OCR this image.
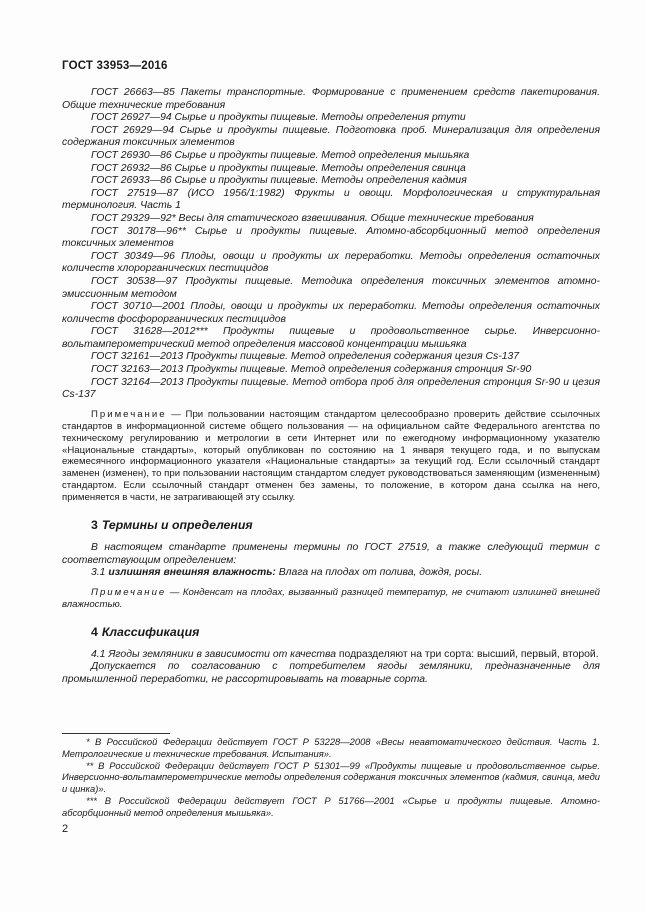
ГОСТ 33953—2016

ГОСТ 26663—85 Пакеты транспортные. Формирование с применением средств пакетирования. Общие технические требования

ГОСТ 26927—94 Сырье и продукты пищевые. Методы определения ртути

ГОСТ 26929—94 Сырье и продукты пищевые. Подготовка проб. Минерализация для определения содержания токсичных элементов

ГОСТ 26930—86 Сырье и продукты пищевые. Метод определения мышьяка

ГОСТ 26932—86 Сырье и продукты пищевые. Методы определения свинца

ГОСТ 26933—86 Сырье и продукты пищевые. Методы определения кадмия

ГОСТ 27519—87 (ИСО 1956/1:1982) Фрукты и овощи. Морфологическая и структуральная терминология. Часть 1

ГОСТ 29329—92* Весы для статического взвешивания. Общие технические требования

ГОСТ 30178—96** Сырье и продукты пищевые. Атомно-абсорбционный метод определения токсичных элементов

ГОСТ 30349—96 Плоды, овощи и продукты их переработки. Методы определения остаточных количеств хлорорганических пестицидов

ГОСТ 30538—97 Продукты пищевые. Методика определения токсичных элементов атомно-эмиссионным методом

ГОСТ 30710—2001 Плоды, овощи и продукты их переработки. Методы определения остаточных количеств фосфорорганических пестицидов

ГОСТ 31628—2012*** Продукты пищевые и продовольственное сырье. Инверсионно-вольтамперометрический метод определения массовой концентрации мышьяка

ГОСТ 32161—2013 Продукты пищевые. Метод определения содержания цезия Cs-137

ГОСТ 32163—2013 Продукты пищевые. Метод определения содержания стронция Sr-90

ГОСТ 32164—2013 Продукты пищевые. Метод отбора проб для определения стронция Sr-90 и цезия Cs-137

Примечание — При пользовании настоящим стандартом целесообразно проверить действие ссылочных стандартов в информационной системе общего пользования — на официальном сайте Федерального агентства по техническому регулированию и метрологии в сети Интернет или по ежегодному информационному указателю «Национальные стандарты», который опубликован по состоянию на 1 января текущего года, и по выпускам ежемесячного информационного указателя «Национальные стандарты» за текущий год. Если ссылочный стандарт заменен (изменен), то при пользовании настоящим стандартом следует руководствоваться заменяющим (измененным) стандартом. Если ссылочный стандарт отменен без замены, то положение, в котором дана ссылка на него, применяется в части, не затрагивающей эту ссылку.
3 Термины и определения

В настоящем стандарте применены термины по ГОСТ 27519, а также следующий термин с соответствующим определением:

3.1 излишняя внешняя влажность: Влага на плодах от полива, дождя, росы.

Примечание — Конденсат на плодах, вызванный разницей температур, не считают излишней внешней влажностью.
4 Классификация

4.1 Ягоды земляники в зависимости от качества подразделяют на три сорта: высший, первый, второй.

Допускается по согласованию с потребителем ягоды земляники, предназначенные для промышленной переработки, не рассортировывать на товарные сорта.

* В Российской Федерации действует ГОСТ Р 53228—2008 «Весы неавтоматического действия. Часть 1. Метрологические и технические требования. Испытания».

** В Российской Федерации действует ГОСТ Р 51301—99 «Продукты пищевые и продовольственное сырье. Инверсионно-вольтамперометрические методы определения содержания токсичных элементов (кадмия, свинца, меди и цинка)».

*** В Российской Федерации действует ГОСТ Р 51766—2001 «Сырье и продукты пищевые. Атомно-абсорбционный метод определения мышьяка».

2
